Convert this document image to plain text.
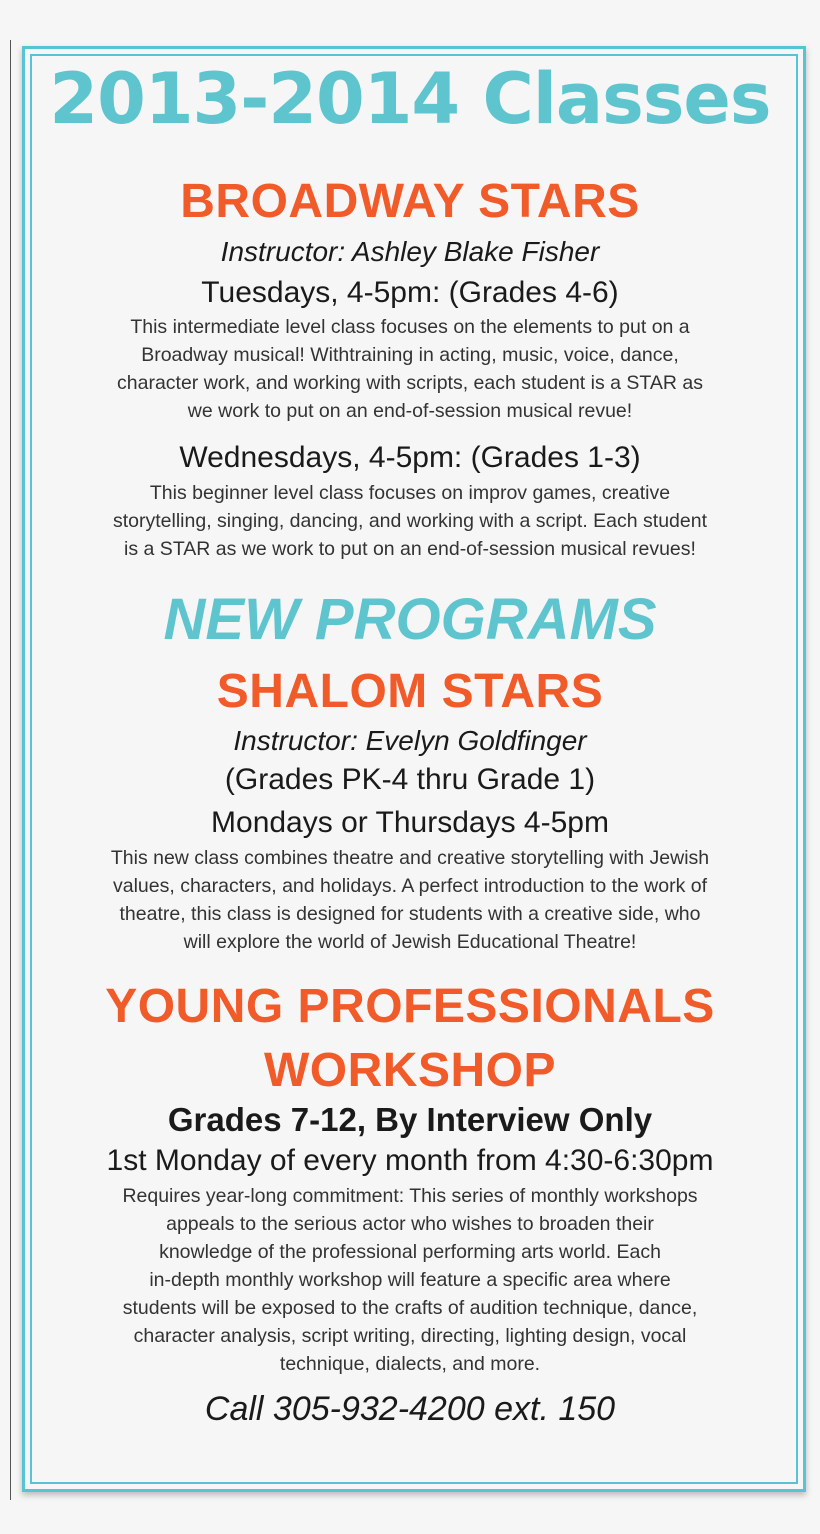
2013-2014 Classes
BROADWAY STARS

Instructor: Ashley Blake Fisher

Tuesdays, 4-5pm: (Grades 4-6)

This intermediate level class focuses on the elements to put on a

Broadway musical! Withtraining in acting, music, voice, dance,

character work, and working with scripts, each student is a STAR as

we work to put on an end-of-session musical revue!

Wednesdays, 4-5pm: (Grades 1-3)

This beginner level class focuses on improv games, creative

storytelling, singing, dancing, and working with a script. Each student

is a STAR as we work to put on an end-of-session musical revues!

NEW PROGRAMS
SHALOM STARS

Instructor: Evelyn Goldfinger

(Grades PK-4 thru Grade 1)

Mondays or Thursdays 4-5pm

This new class combines theatre and creative storytelling with Jewish

values, characters, and holidays. A perfect introduction to the work of

theatre, this class is designed for students with a creative side, who

will explore the world of Jewish Educational Theatre!

YOUNG PROFESSIONALS
WORKSHOP

Grades 7-12, By Interview Only

1st Monday of every month from 4:30-6:30pm

Requires year-long commitment: This series of monthly workshops

appeals to the serious actor who wishes to broaden their

knowledge of the professional performing arts world. Each

in-depth monthly workshop will feature a specific area where

students will be exposed to the crafts of audition technique, dance,

character analysis, script writing, directing, lighting design, vocal

technique, dialects, and more.

Call 305-932-4200 ext. 150
